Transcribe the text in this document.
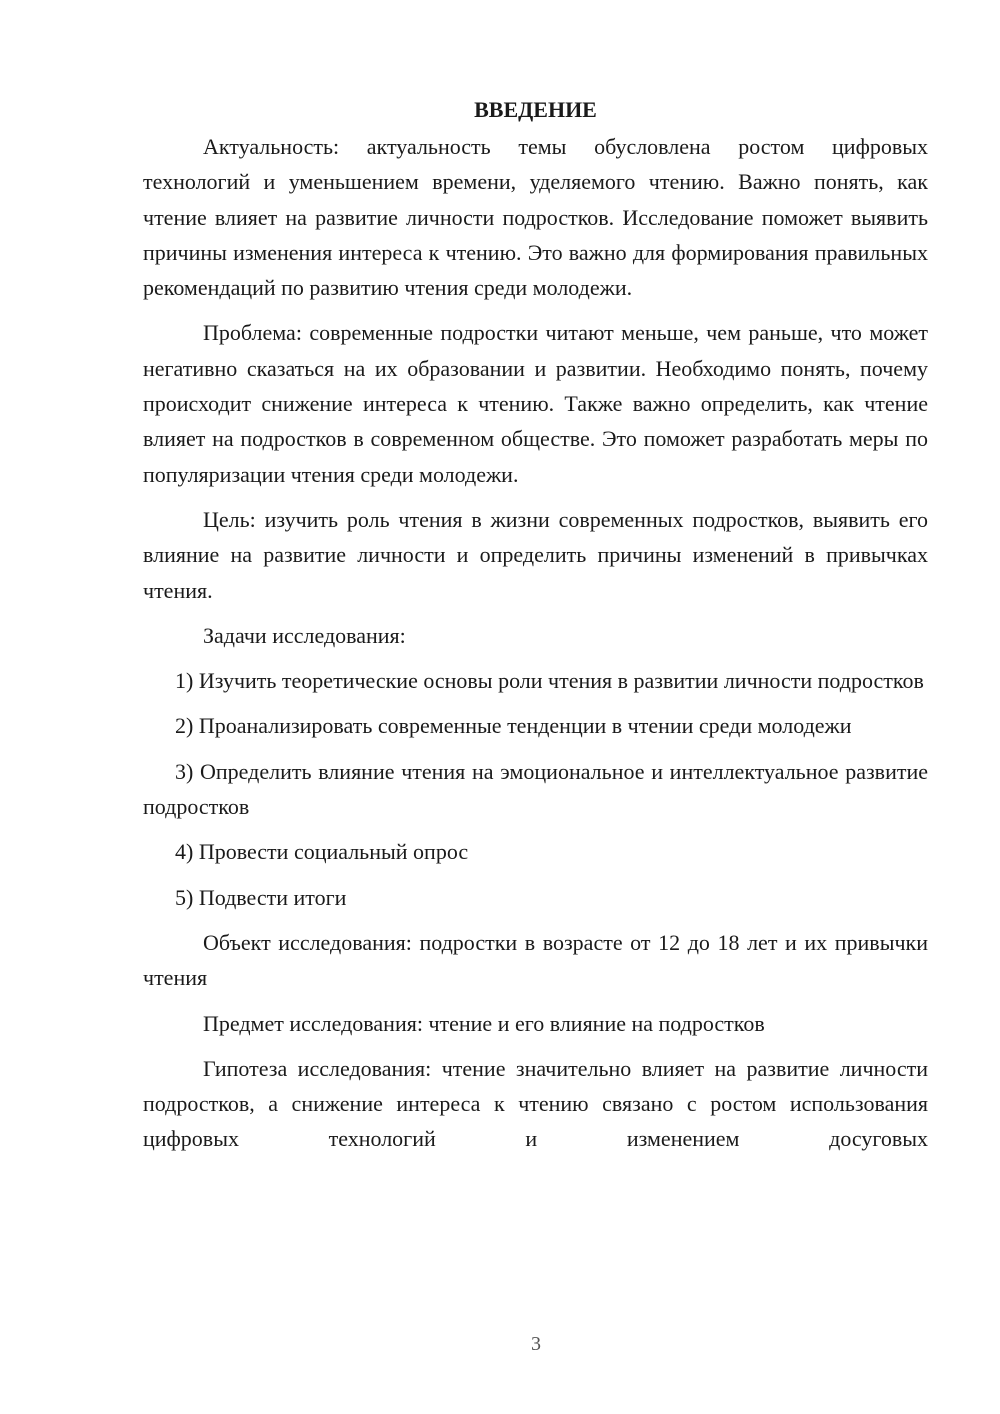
ВВЕДЕНИЕ

Актуальность: актуальность темы обусловлена ростом цифровых технологий и уменьшением времени, уделяемого чтению. Важно понять, как чтение влияет на развитие личности подростков. Исследование поможет выявить причины изменения интереса к чтению. Это важно для формирования правильных рекомендаций по развитию чтения среди молодежи.

Проблема: современные подростки читают меньше, чем раньше, что может негативно сказаться на их образовании и развитии. Необходимо понять, почему происходит снижение интереса к чтению. Также важно определить, как чтение влияет на подростков в современном обществе. Это поможет разработать меры по популяризации чтения среди молодежи.

Цель: изучить роль чтения в жизни современных подростков, выявить его влияние на развитие личности и определить причины изменений в привычках чтения.

Задачи исследования:

1) Изучить теоретические основы роли чтения в развитии личности подростков

2) Проанализировать современные тенденции в чтении среди молодежи

3) Определить влияние чтения на эмоциональное и интеллектуальное развитие подростков

4) Провести социальный опрос

5) Подвести итоги

Объект исследования: подростки в возрасте от 12 до 18 лет и их привычки чтения

Предмет исследования: чтение и его влияние на подростков

Гипотеза исследования: чтение значительно влияет на развитие личности подростков, а снижение интереса к чтению связано с ростом использования цифровых технологий и изменением досуговых

3
